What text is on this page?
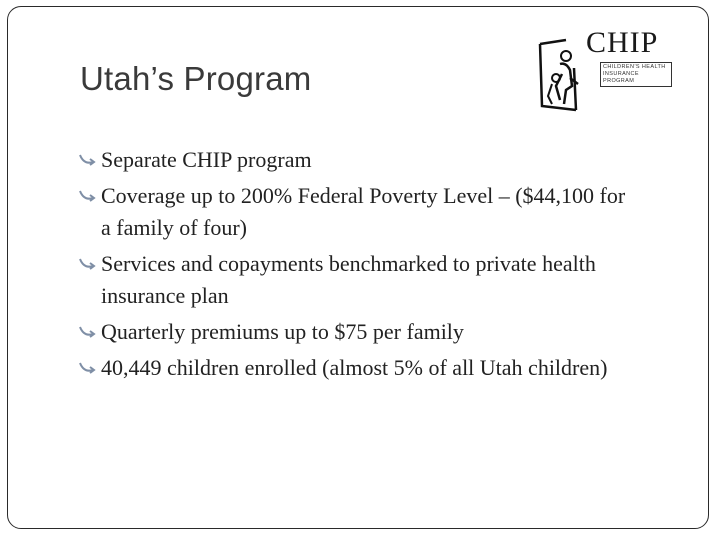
Utah’s Program
CHIP
CHILDREN’S HEALTH INSURANCE PROGRAM
Separate CHIP program
Coverage up to 200% Federal Poverty Level – ($44,100 for a family of four)
Services and copayments benchmarked to private health insurance plan
Quarterly premiums up to $75 per family
40,449 children enrolled (almost 5% of all Utah children)
